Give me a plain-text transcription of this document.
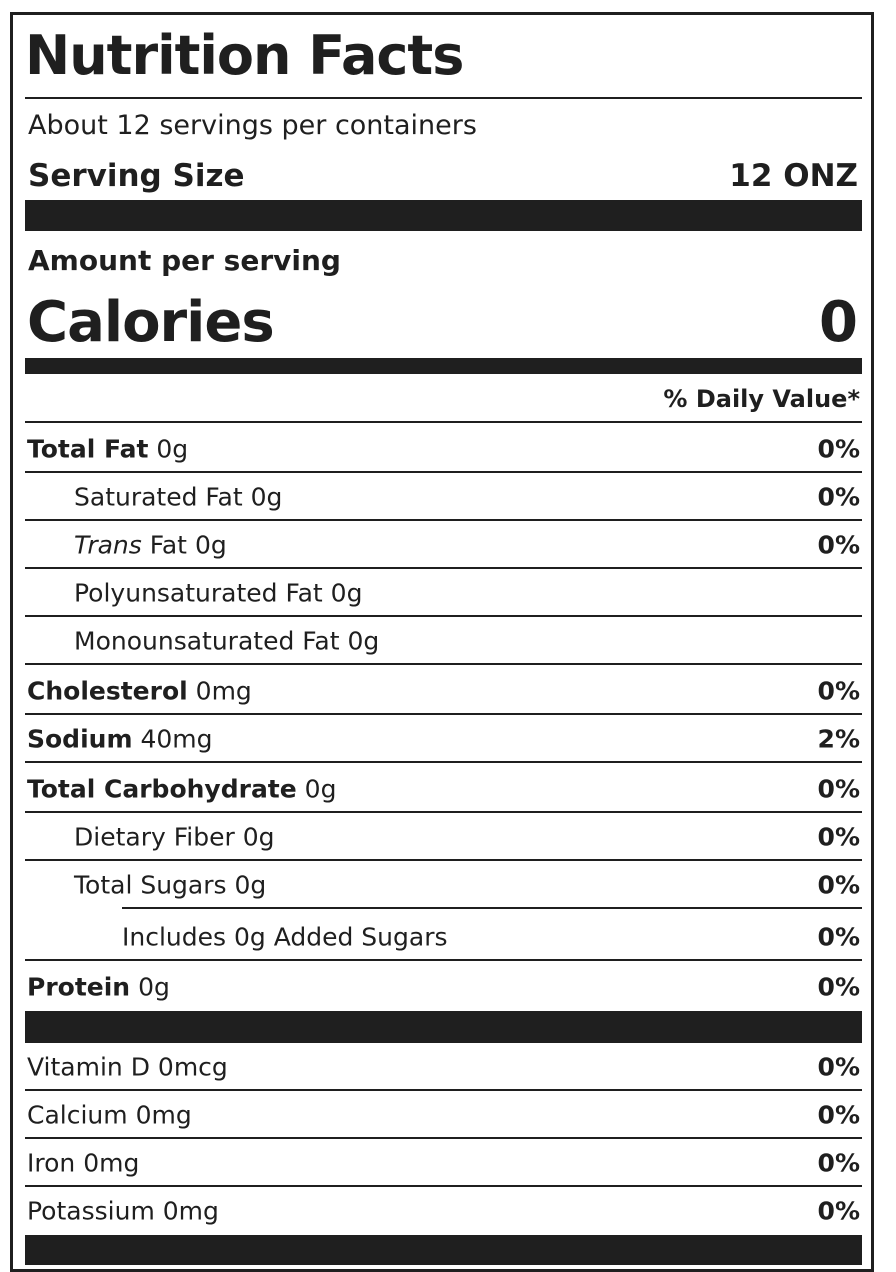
Nutrition Facts
About 12 servings per containers
Serving Size	12 ONZ
Amount per serving
Calories	0
% Daily Value*
Total Fat 0g	0%
Saturated Fat 0g	0%
Trans Fat 0g	0%
Polyunsaturated Fat 0g
Monounsaturated Fat 0g
Cholesterol 0mg	0%
Sodium 40mg	2%
Total Carbohydrate 0g	0%
Dietary Fiber 0g	0%
Total Sugars 0g	0%
Includes 0g Added Sugars	0%
Protein 0g	0%
Vitamin D 0mcg	0%
Calcium 0mg	0%
Iron 0mg	0%
Potassium 0mg	0%
